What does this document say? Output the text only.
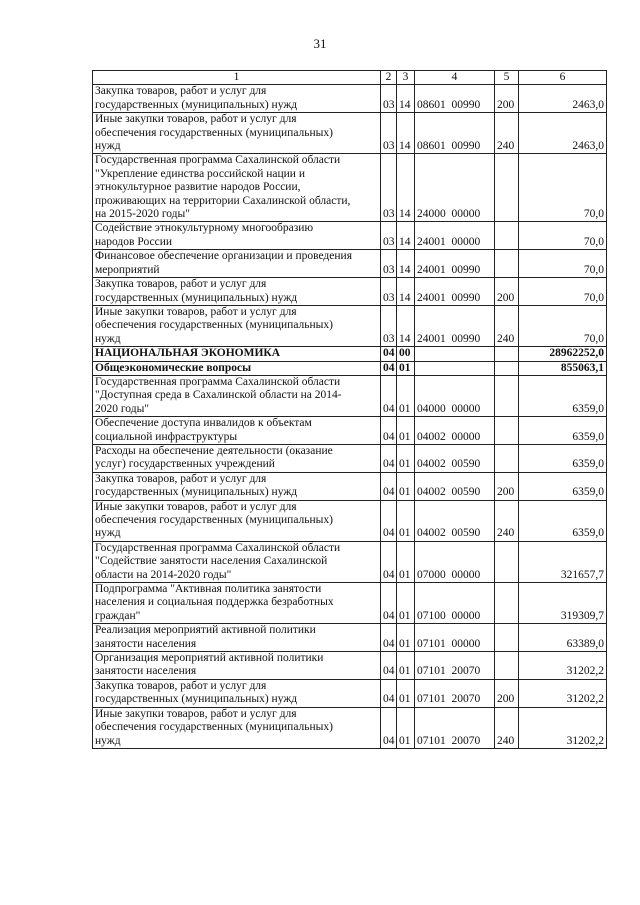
31
1	2	3	4	5	6
Закупка товаров, работ и услуг для
государственных (муниципальных) нужд	03	14	08601  00990	200	2463,0
Иные закупки товаров, работ и услуг для
обеспечения государственных (муниципальных)
нужд	03	14	08601  00990	240	2463,0
Государственная программа Сахалинской области
"Укрепление единства российской нации и
этнокультурное развитие народов России,
проживающих на территории Сахалинской области,
на 2015-2020 годы"	03	14	24000  00000		70,0
Содействие этнокультурному многообразию
народов России	03	14	24001  00000		70,0
Финансовое обеспечение организации и проведения
мероприятий	03	14	24001  00990		70,0
Закупка товаров, работ и услуг для
государственных (муниципальных) нужд	03	14	24001  00990	200	70,0
Иные закупки товаров, работ и услуг для
обеспечения государственных (муниципальных)
нужд	03	14	24001  00990	240	70,0
НАЦИОНАЛЬНАЯ ЭКОНОМИКА	04	00			28962252,0
Общеэкономические вопросы	04	01			855063,1
Государственная программа Сахалинской области
"Доступная среда в Сахалинской области на 2014-
2020 годы"	04	01	04000  00000		6359,0
Обеспечение доступа инвалидов к объектам
социальной инфраструктуры	04	01	04002  00000		6359,0
Расходы на обеспечение деятельности (оказание
услуг) государственных учреждений	04	01	04002  00590		6359,0
Закупка товаров, работ и услуг для
государственных (муниципальных) нужд	04	01	04002  00590	200	6359,0
Иные закупки товаров, работ и услуг для
обеспечения государственных (муниципальных)
нужд	04	01	04002  00590	240	6359,0
Государственная программа Сахалинской области
"Содействие занятости населения Сахалинской
области на 2014-2020 годы"	04	01	07000  00000		321657,7
Подпрограмма "Активная политика занятости
населения и социальная поддержка безработных
граждан"	04	01	07100  00000		319309,7
Реализация мероприятий активной политики
занятости населения	04	01	07101  00000		63389,0
Организация мероприятий активной политики
занятости населения	04	01	07101  20070		31202,2
Закупка товаров, работ и услуг для
государственных (муниципальных) нужд	04	01	07101  20070	200	31202,2
Иные закупки товаров, работ и услуг для
обеспечения государственных (муниципальных)
нужд	04	01	07101  20070	240	31202,2
